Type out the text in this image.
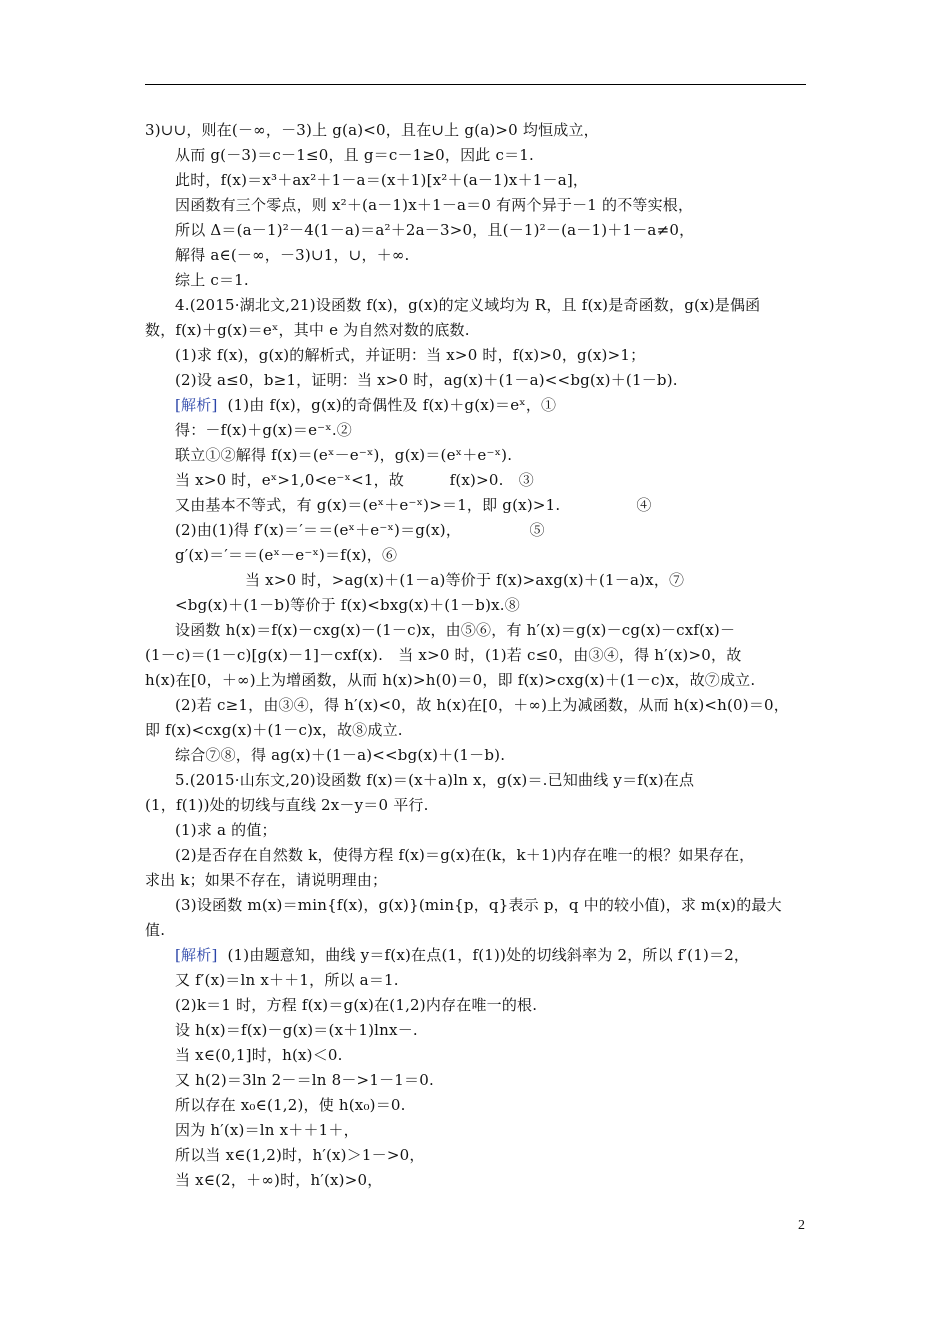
3)∪∪，则在(－∞，－3)上 g(a)<0，且在∪上 g(a)>0 均恒成立，
从而 g(－3)＝c－1≤0，且 g＝c－1≥0，因此 c＝1.
此时，f(x)＝x³＋ax²＋1－a＝(x＋1)[x²＋(a－1)x＋1－a]，
因函数有三个零点，则 x²＋(a－1)x＋1－a＝0 有两个异于－1 的不等实根，
所以 Δ＝(a－1)²－4(1－a)＝a²＋2a－3>0，且(－1)²－(a－1)＋1－a≠0，
解得 a∈(－∞，－3)∪1，∪，＋∞.
综上 c＝1.
4.(2015·湖北文,21)设函数 f(x)，g(x)的定义域均为 R，且 f(x)是奇函数，g(x)是偶函
数，f(x)＋g(x)＝eˣ，其中 e 为自然对数的底数.
(1)求 f(x)，g(x)的解析式，并证明：当 x>0 时，f(x)>0，g(x)>1；
(2)设 a≤0，b≥1，证明：当 x>0 时，ag(x)＋(1－a)<<bg(x)＋(1－b).
[解析] (1)由 f(x)，g(x)的奇偶性及 f(x)＋g(x)＝eˣ，①
得：－f(x)＋g(x)＝e⁻ˣ.②
联立①②解得 f(x)＝(eˣ－e⁻ˣ)，g(x)＝(eˣ＋e⁻ˣ).
当 x>0 时，eˣ>1,0<e⁻ˣ<1，故　　　f(x)>0.　③
又由基本不等式，有 g(x)＝(eˣ＋e⁻ˣ)>＝1，即 g(x)>1.　　　　　④
(2)由(1)得 f′(x)＝′＝＝(eˣ＋e⁻ˣ)＝g(x)，　　　　　⑤
g′(x)＝′＝＝(eˣ－e⁻ˣ)＝f(x)，⑥
当 x>0 时，>ag(x)＋(1－a)等价于 f(x)>axg(x)＋(1－a)x，⑦
<bg(x)＋(1－b)等价于 f(x)<bxg(x)＋(1－b)x.⑧
设函数 h(x)＝f(x)－cxg(x)－(1－c)x，由⑤⑥，有 h′(x)＝g(x)－cg(x)－cxf(x)－
(1－c)＝(1－c)[g(x)－1]－cxf(x).　当 x>0 时，(1)若 c≤0，由③④，得 h′(x)>0，故
h(x)在[0，＋∞)上为增函数，从而 h(x)>h(0)＝0，即 f(x)>cxg(x)＋(1－c)x，故⑦成立.
(2)若 c≥1，由③④，得 h′(x)<0，故 h(x)在[0，＋∞)上为减函数，从而 h(x)<h(0)＝0，
即 f(x)<cxg(x)＋(1－c)x，故⑧成立.
综合⑦⑧，得 ag(x)＋(1－a)<<bg(x)＋(1－b).
5.(2015·山东文,20)设函数 f(x)＝(x＋a)ln x，g(x)＝.已知曲线 y＝f(x)在点
(1，f(1))处的切线与直线 2x－y＝0 平行.
(1)求 a 的值；
(2)是否存在自然数 k，使得方程 f(x)＝g(x)在(k，k＋1)内存在唯一的根？如果存在，
求出 k；如果不存在，请说明理由；
(3)设函数 m(x)＝min{f(x)，g(x)}(min{p，q}表示 p，q 中的较小值)，求 m(x)的最大
值.
[解析] (1)由题意知，曲线 y＝f(x)在点(1，f(1))处的切线斜率为 2，所以 f′(1)＝2，
又 f′(x)＝ln x＋＋1，所以 a＝1.
(2)k＝1 时，方程 f(x)＝g(x)在(1,2)内存在唯一的根.
设 h(x)＝f(x)－g(x)＝(x＋1)lnx－.
当 x∈(0,1]时，h(x)＜0.
又 h(2)＝3ln 2－＝ln 8－>1－1＝0.
所以存在 x₀∈(1,2)，使 h(x₀)＝0.
因为 h′(x)＝ln x＋＋1＋，
所以当 x∈(1,2)时，h′(x)＞1－>0，
当 x∈(2，＋∞)时，h′(x)>0，
2
